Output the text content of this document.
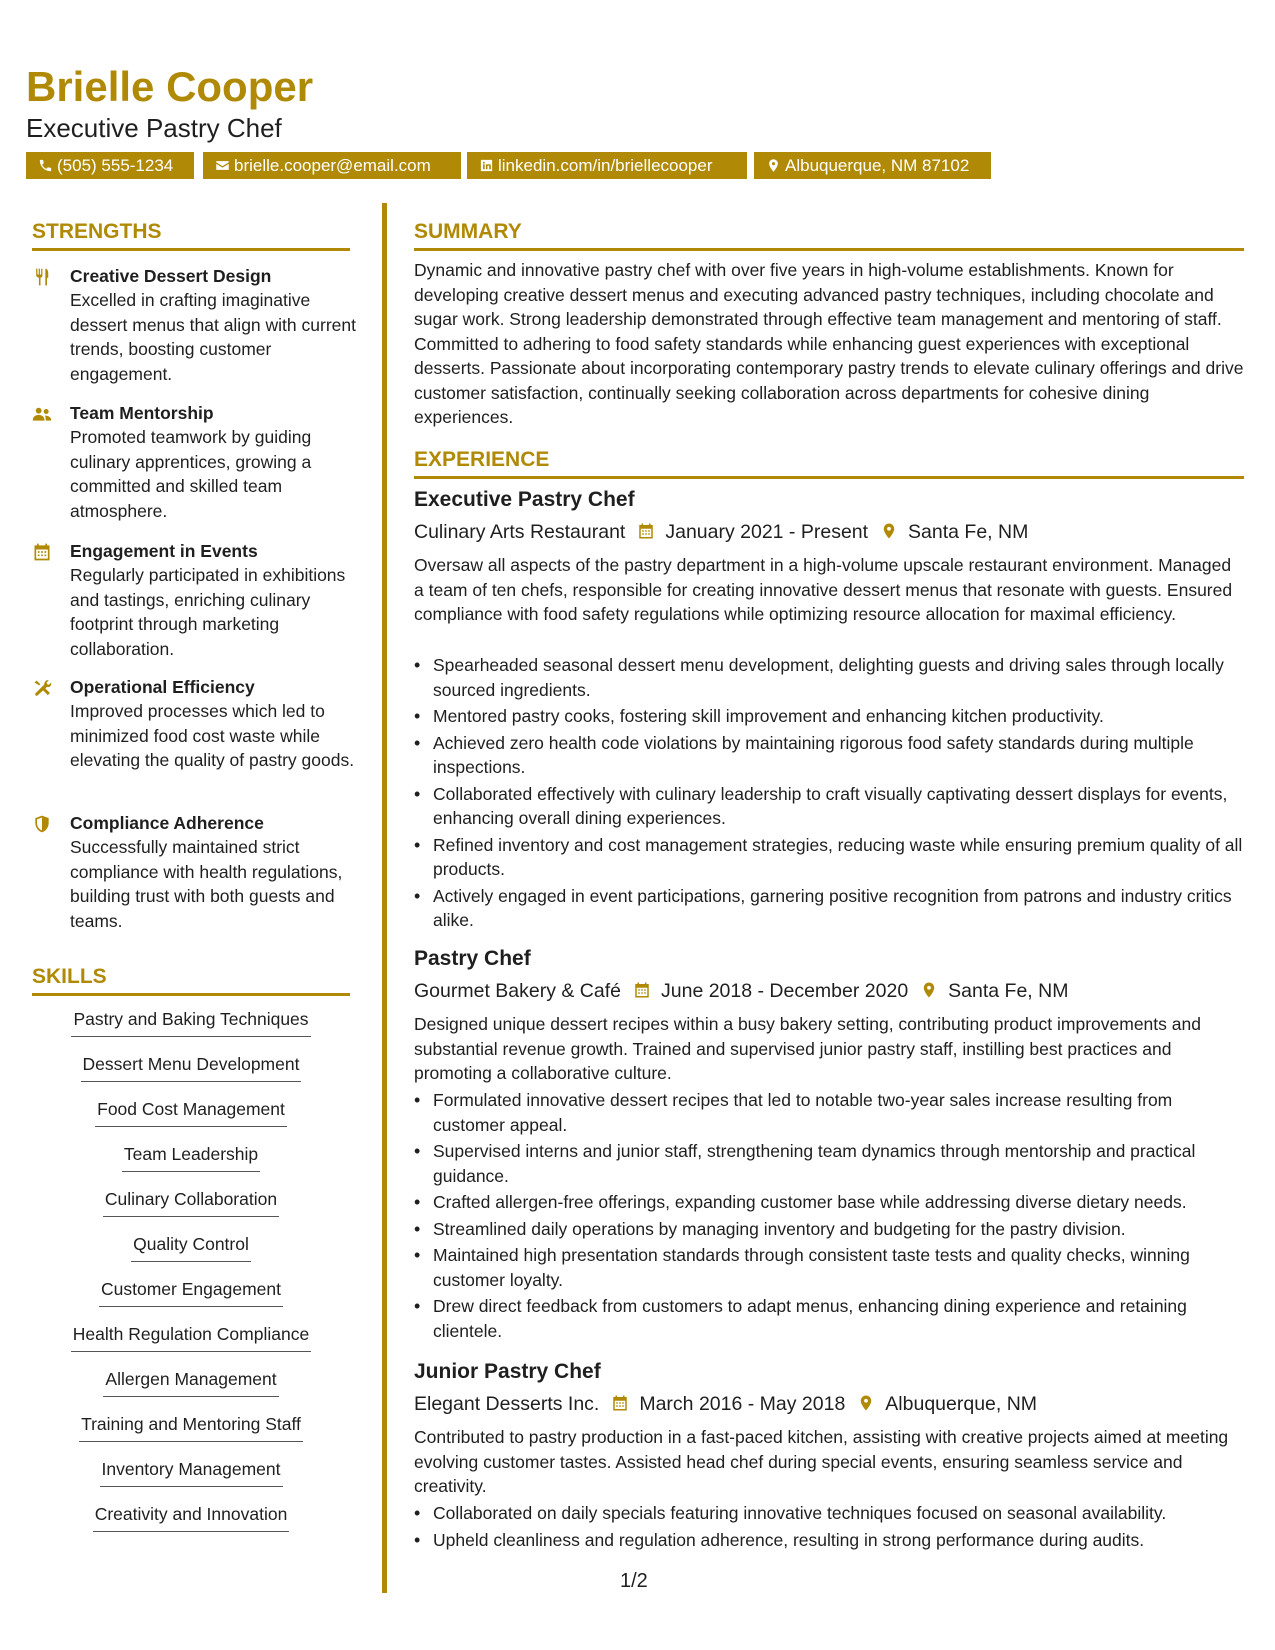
Brielle Cooper
Executive Pastry Chef
(505) 555-1234	brielle.cooper@email.com	linkedin.com/in/briellecooper	Albuquerque, NM 87102
STRENGTHS
Creative Dessert Design
Excelled in crafting imaginative dessert menus that align with current trends, boosting customer engagement.
Team Mentorship
Promoted teamwork by guiding culinary apprentices, growing a committed and skilled team atmosphere.
Engagement in Events
Regularly participated in exhibitions and tastings, enriching culinary footprint through marketing collaboration.
Operational Efficiency
Improved processes which led to minimized food cost waste while elevating the quality of pastry goods.
Compliance Adherence
Successfully maintained strict compliance with health regulations, building trust with both guests and teams.
SKILLS
Pastry and Baking Techniques
Dessert Menu Development
Food Cost Management
Team Leadership
Culinary Collaboration
Quality Control
Customer Engagement
Health Regulation Compliance
Allergen Management
Training and Mentoring Staff
Inventory Management
Creativity and Innovation
SUMMARY
Dynamic and innovative pastry chef with over five years in high-volume establishments. Known for developing creative dessert menus and executing advanced pastry techniques, including chocolate and sugar work. Strong leadership demonstrated through effective team management and mentoring of staff. Committed to adhering to food safety standards while enhancing guest experiences with exceptional desserts. Passionate about incorporating contemporary pastry trends to elevate culinary offerings and drive customer satisfaction, continually seeking collaboration across departments for cohesive dining experiences.
EXPERIENCE
Executive Pastry Chef
Culinary Arts Restaurant January 2021 - Present Santa Fe, NM
Oversaw all aspects of the pastry department in a high-volume upscale restaurant environment. Managed a team of ten chefs, responsible for creating innovative dessert menus that resonate with guests. Ensured compliance with food safety regulations while optimizing resource allocation for maximal efficiency.
• Spearheaded seasonal dessert menu development, delighting guests and driving sales through locally sourced ingredients.
• Mentored pastry cooks, fostering skill improvement and enhancing kitchen productivity.
• Achieved zero health code violations by maintaining rigorous food safety standards during multiple inspections.
• Collaborated effectively with culinary leadership to craft visually captivating dessert displays for events, enhancing overall dining experiences.
• Refined inventory and cost management strategies, reducing waste while ensuring premium quality of all products.
• Actively engaged in event participations, garnering positive recognition from patrons and industry critics alike.
Pastry Chef
Gourmet Bakery & Café June 2018 - December 2020 Santa Fe, NM
Designed unique dessert recipes within a busy bakery setting, contributing product improvements and substantial revenue growth. Trained and supervised junior pastry staff, instilling best practices and promoting a collaborative culture.
• Formulated innovative dessert recipes that led to notable two-year sales increase resulting from customer appeal.
• Supervised interns and junior staff, strengthening team dynamics through mentorship and practical guidance.
• Crafted allergen-free offerings, expanding customer base while addressing diverse dietary needs.
• Streamlined daily operations by managing inventory and budgeting for the pastry division.
• Maintained high presentation standards through consistent taste tests and quality checks, winning customer loyalty.
• Drew direct feedback from customers to adapt menus, enhancing dining experience and retaining clientele.
Junior Pastry Chef
Elegant Desserts Inc. March 2016 - May 2018 Albuquerque, NM
Contributed to pastry production in a fast-paced kitchen, assisting with creative projects aimed at meeting evolving customer tastes. Assisted head chef during special events, ensuring seamless service and creativity.
• Collaborated on daily specials featuring innovative techniques focused on seasonal availability.
• Upheld cleanliness and regulation adherence, resulting in strong performance during audits.
1/2
